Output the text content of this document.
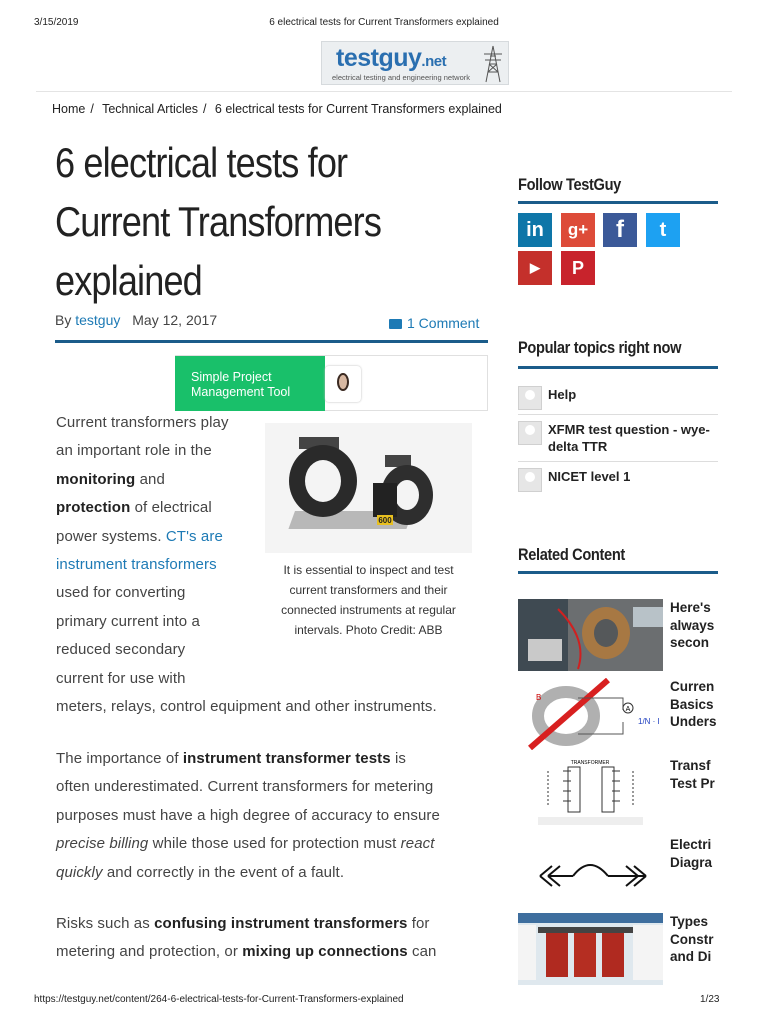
3/15/2019	6 electrical tests for Current Transformers explained
https://testguy.net/content/264-6-electrical-tests-for-Current-Transformers-explained	1/23
testguy.net
electrical testing and engineering network
Home / Technical Articles / 6 electrical tests for Current Transformers explained
6 electrical tests for
Current Transformers
explained
By testguy May 12, 2017	1 Comment
Simple Project
Management Tool
600
It is essential to inspect and test current transformers and their connected instruments at regular intervals. Photo Credit: ABB
Current transformers play
an important role in the
monitoring and
protection of electrical
power systems. CT's are
instrument transformers
used for converting
primary current into a
reduced secondary
current for use with
meters, relays, control equipment and other instruments.
The importance of instrument transformer tests is
often underestimated. Current transformers for metering
purposes must have a high degree of accuracy to ensure
precise billing while those used for protection must react
quickly and correctly in the event of a fault.
Risks such as confusing instrument transformers for
metering and protection, or mixing up connections can
Follow TestGuy
in	g+	f	t
▶	P
Popular topics right now
Help
XFMR test question - wye-delta TTR
NICET level 1
Related Content
Here's
always
secon
A
B
1/N · I
Curren
Basics
Unders
TRANSFORMER	Transf
Test Pr
Electri
Diagra
Types
Constr
and Di
